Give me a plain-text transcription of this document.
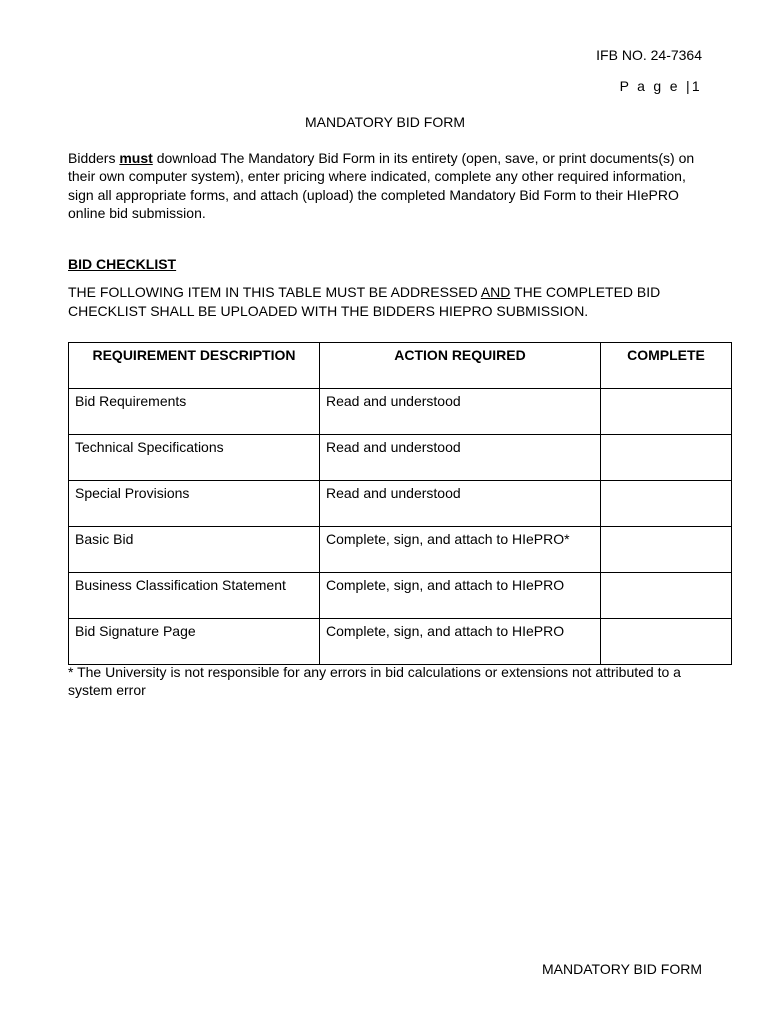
IFB NO. 24-7364
P a g e |1
MANDATORY BID FORM
Bidders must download The Mandatory Bid Form in its entirety (open, save, or print documents(s) on their own computer system), enter pricing where indicated, complete any other required information, sign all appropriate forms, and attach (upload) the completed Mandatory Bid Form to their HIePRO online bid submission.
BID CHECKLIST
THE FOLLOWING ITEM IN THIS TABLE MUST BE ADDRESSED AND THE COMPLETED BID CHECKLIST SHALL BE UPLOADED WITH THE BIDDERS HIEPRO SUBMISSION.
REQUIREMENT DESCRIPTION	ACTION REQUIRED	COMPLETE
Bid Requirements	Read and understood	
Technical Specifications	Read and understood	
Special Provisions	Read and understood	
Basic Bid	Complete, sign, and attach to HIePRO*	
Business Classification Statement	Complete, sign, and attach to HIePRO	
Bid Signature Page	Complete, sign, and attach to HIePRO	
* The University is not responsible for any errors in bid calculations or extensions not attributed to a system error
MANDATORY BID FORM
